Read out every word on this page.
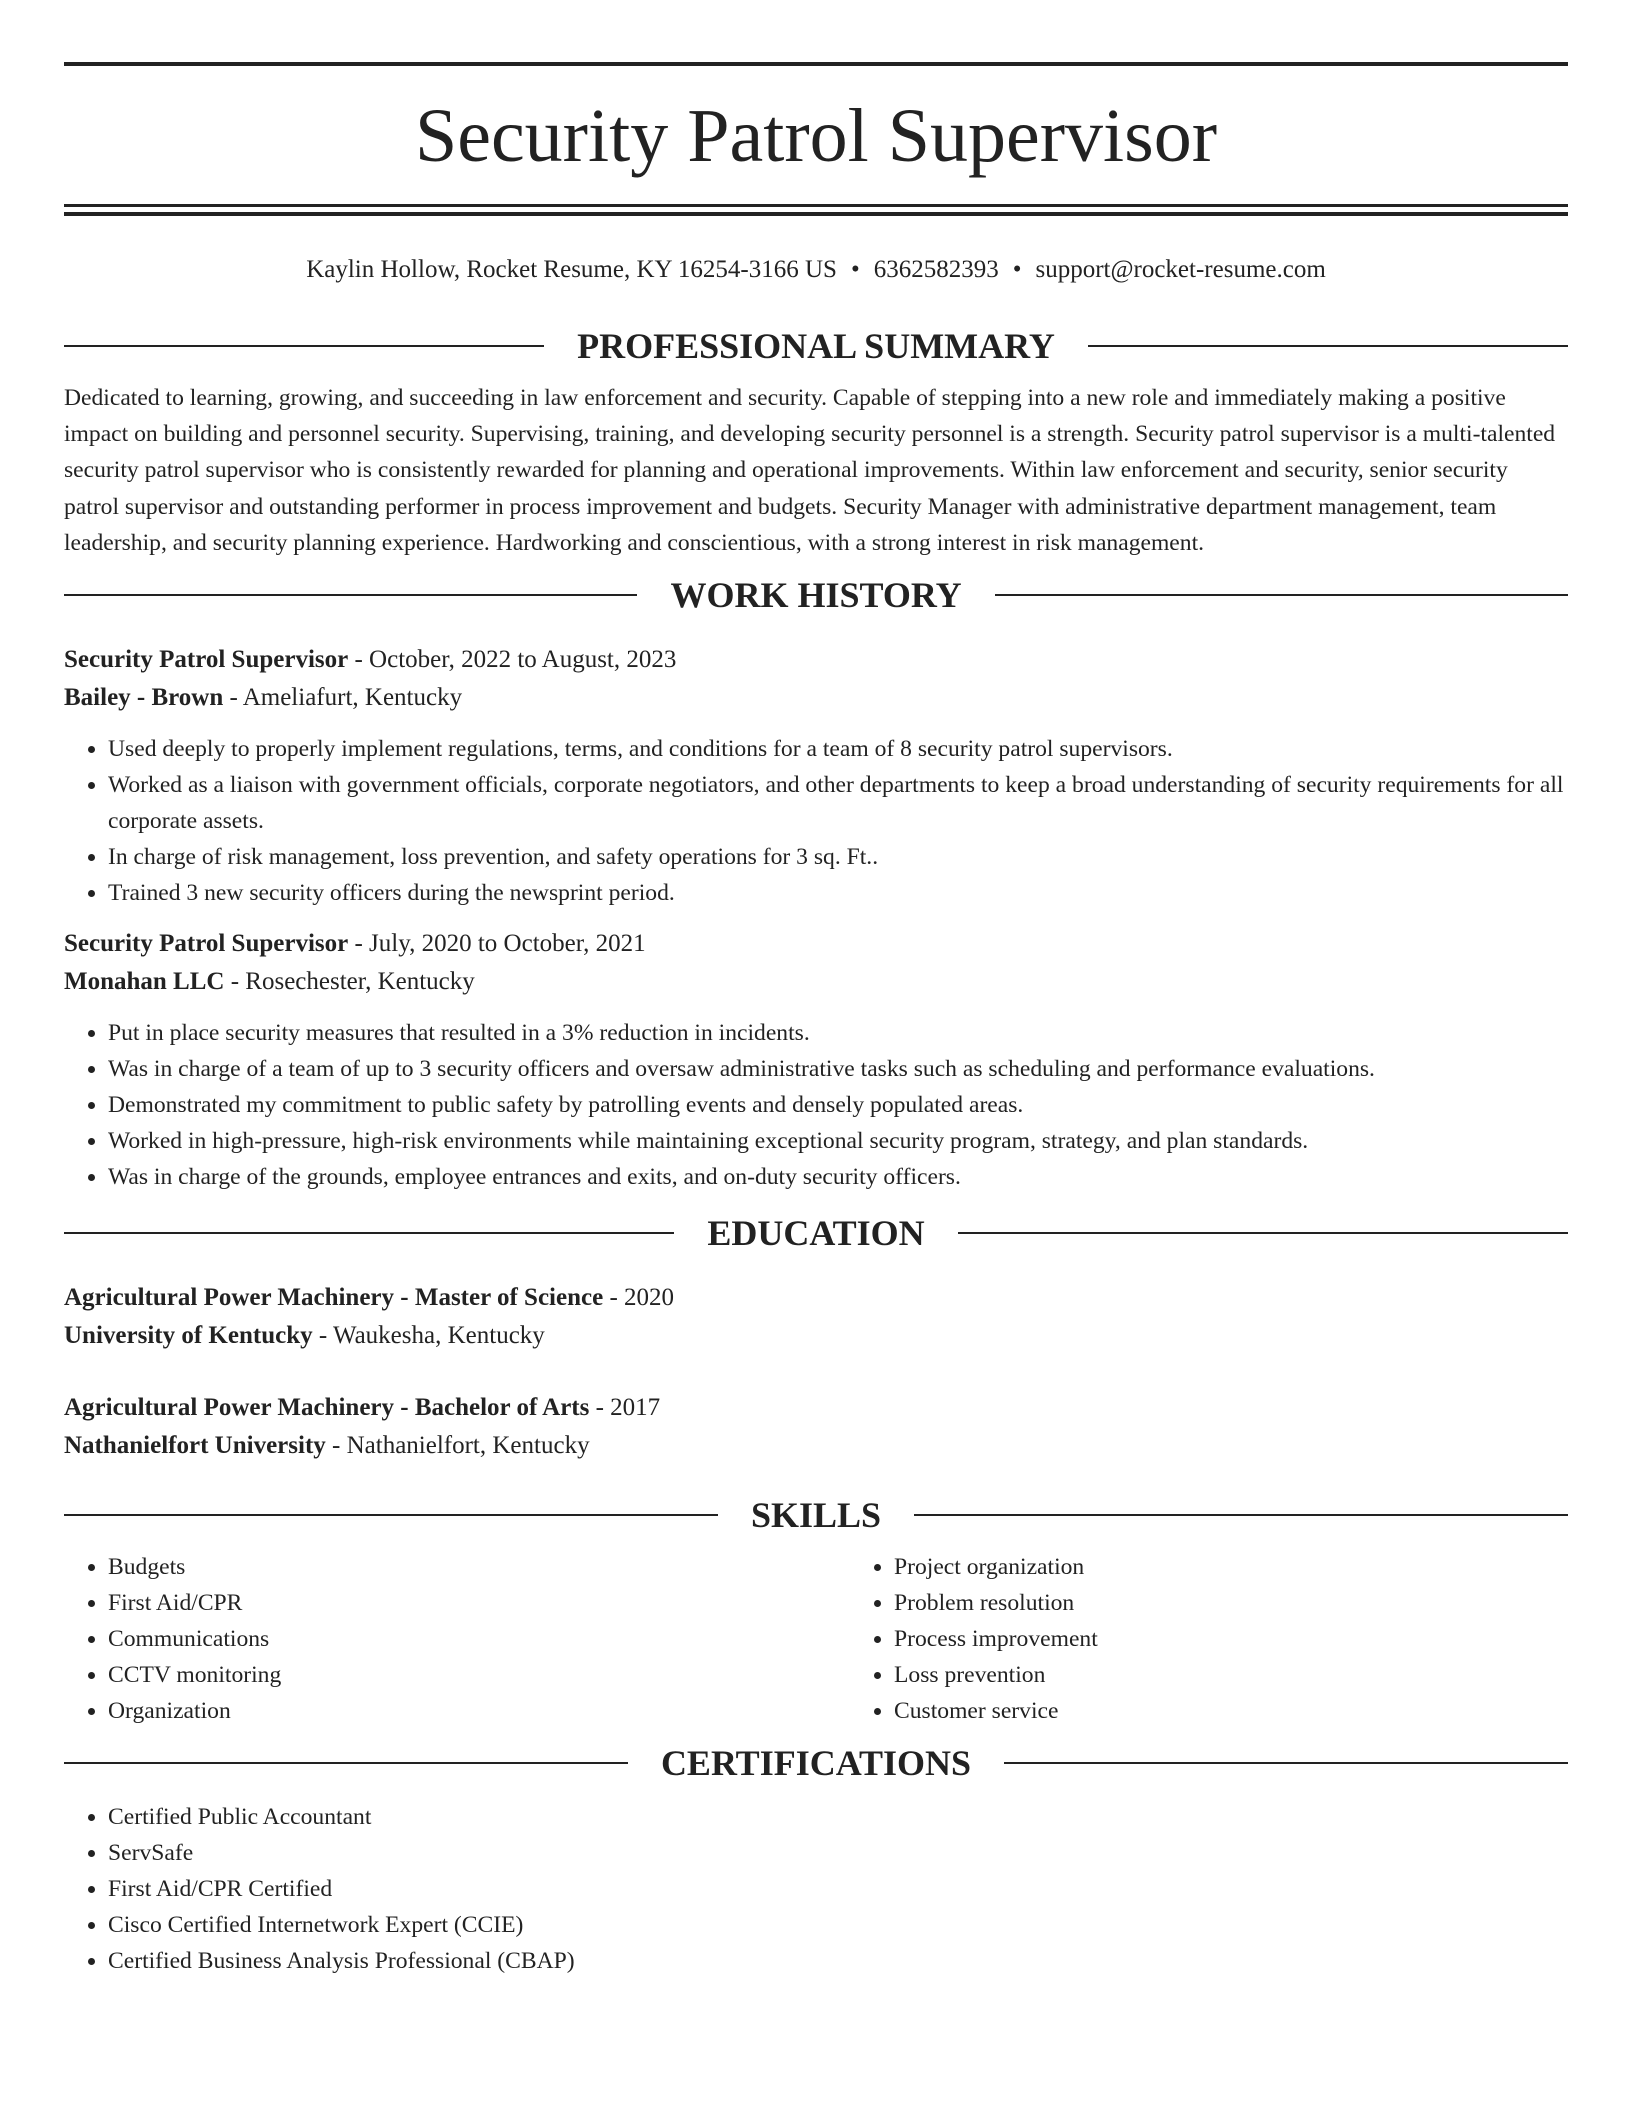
Security Patrol Supervisor
Kaylin Hollow, Rocket Resume, KY 16254-3166 US • 6362582393 • support@rocket-resume.com
PROFESSIONAL SUMMARY

Dedicated to learning, growing, and succeeding in law enforcement and security. Capable of stepping into a new role and immediately making a positive impact on building and personnel security. Supervising, training, and developing security personnel is a strength. Security patrol supervisor is a multi-talented security patrol supervisor who is consistently rewarded for planning and operational improvements. Within law enforcement and security, senior security patrol supervisor and outstanding performer in process improvement and budgets. Security Manager with administrative department management, team leadership, and security planning experience. Hardworking and conscientious, with a strong interest in risk management.

WORK HISTORY
Security Patrol Supervisor - October, 2022 to August, 2023
Bailey - Brown - Ameliafurt, Kentucky
• Used deeply to properly implement regulations, terms, and conditions for a team of 8 security patrol supervisors.
• Worked as a liaison with government officials, corporate negotiators, and other departments to keep a broad understanding of security requirements for all corporate assets.
• In charge of risk management, loss prevention, and safety operations for 3 sq. Ft..
• Trained 3 new security officers during the newsprint period.
Security Patrol Supervisor - July, 2020 to October, 2021
Monahan LLC - Rosechester, Kentucky
• Put in place security measures that resulted in a 3% reduction in incidents.
• Was in charge of a team of up to 3 security officers and oversaw administrative tasks such as scheduling and performance evaluations.
• Demonstrated my commitment to public safety by patrolling events and densely populated areas.
• Worked in high-pressure, high-risk environments while maintaining exceptional security program, strategy, and plan standards.
• Was in charge of the grounds, employee entrances and exits, and on-duty security officers.
EDUCATION
Agricultural Power Machinery - Master of Science - 2020
University of Kentucky - Waukesha, Kentucky
Agricultural Power Machinery - Bachelor of Arts - 2017
Nathanielfort University - Nathanielfort, Kentucky
SKILLS
• Budgets
• First Aid/CPR
• Communications
• CCTV monitoring
• Organization
• Project organization
• Problem resolution
• Process improvement
• Loss prevention
• Customer service
CERTIFICATIONS
• Certified Public Accountant
• ServSafe
• First Aid/CPR Certified
• Cisco Certified Internetwork Expert (CCIE)
• Certified Business Analysis Professional (CBAP)
